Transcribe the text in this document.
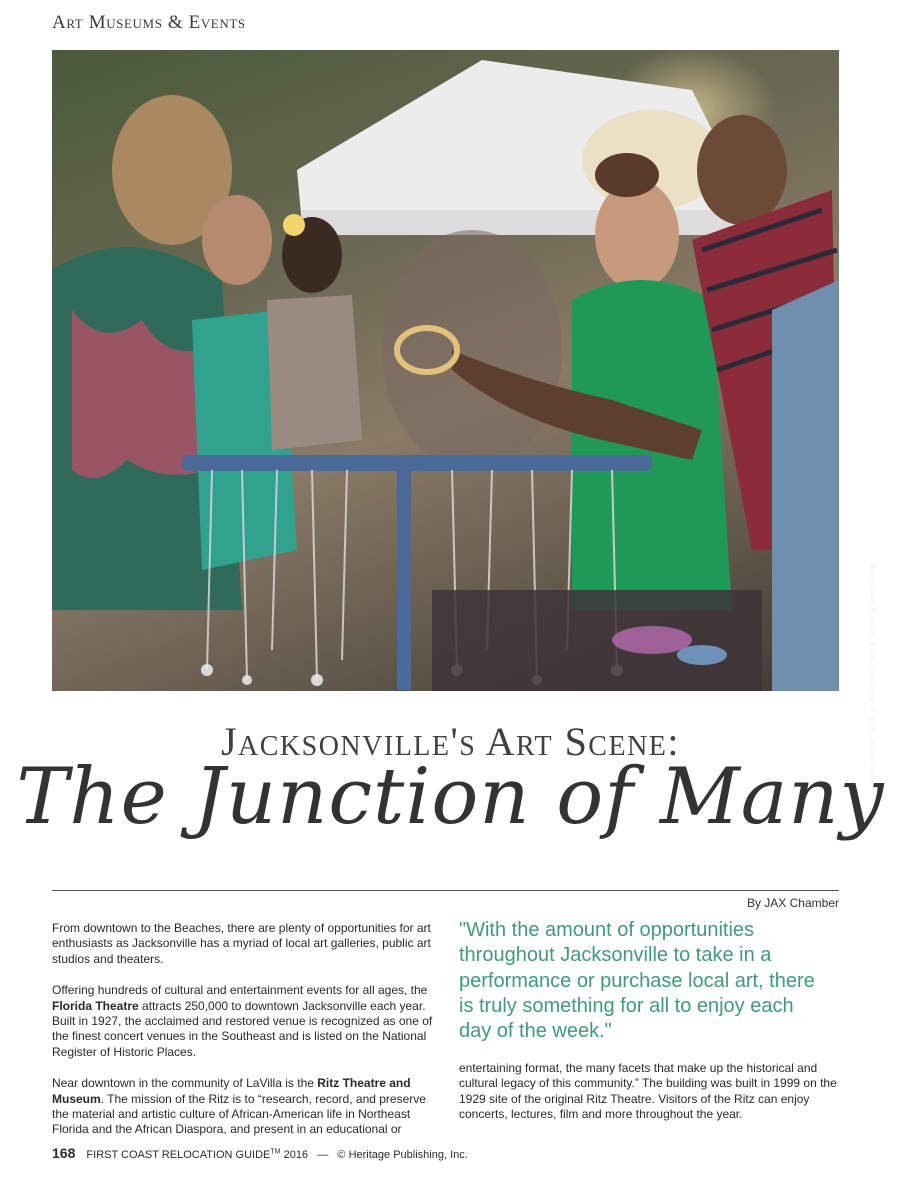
Art Museums & Events
Downtown Artwalk, photo courtesy of Visit Jacksonville
Jacksonville's Art Scene:
The Junction of Many
By JAX Chamber

From downtown to the Beaches, there are plenty of opportunities for art enthusiasts as Jacksonville has a myriad of local art galleries, public art studios and theaters.

Offering hundreds of cultural and entertainment events for all ages, the Florida Theatre attracts 250,000 to downtown Jacksonville each year. Built in 1927, the acclaimed and restored venue is recognized as one of the finest concert venues in the Southeast and is listed on the National Register of Historic Places.

Near downtown in the community of LaVilla is the Ritz Theatre and Museum. The mission of the Ritz is to “research, record, and preserve the material and artistic culture of African-American life in Northeast Florida and the African Diaspora, and present in an educational or

"With the amount of opportunities throughout Jacksonville to take in a performance or purchase local art, there is truly something for all to enjoy each day of the week."

entertaining format, the many facets that make up the historical and cultural legacy of this community.” The building was built in 1999 on the 1929 site of the original Ritz Theatre. Visitors of the Ritz can enjoy concerts, lectures, film and more throughout the year.

168 FIRST COAST RELOCATION GUIDE™ 2016 — © Heritage Publishing, Inc.
